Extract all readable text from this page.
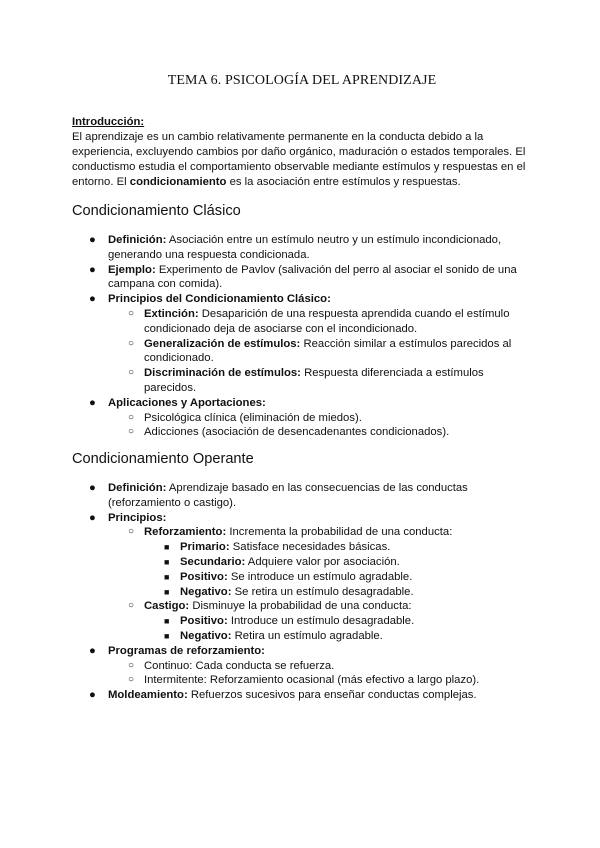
TEMA 6. PSICOLOGÍA DEL APRENDIZAJE
Introducción:
El aprendizaje es un cambio relativamente permanente en la conducta debido a la experiencia, excluyendo cambios por daño orgánico, maduración o estados temporales. El conductismo estudia el comportamiento observable mediante estímulos y respuestas en el entorno. El condicionamiento es la asociación entre estímulos y respuestas.
Condicionamiento Clásico
● Definición: Asociación entre un estímulo neutro y un estímulo incondicionado, generando una respuesta condicionada.
● Ejemplo: Experimento de Pavlov (salivación del perro al asociar el sonido de una campana con comida).
● Principios del Condicionamiento Clásico:
○ Extinción: Desaparición de una respuesta aprendida cuando el estímulo condicionado deja de asociarse con el incondicionado.
○ Generalización de estímulos: Reacción similar a estímulos parecidos al condicionado.
○ Discriminación de estímulos: Respuesta diferenciada a estímulos parecidos.
● Aplicaciones y Aportaciones:
○ Psicológica clínica (eliminación de miedos).
○ Adicciones (asociación de desencadenantes condicionados).
Condicionamiento Operante
● Definición: Aprendizaje basado en las consecuencias de las conductas (reforzamiento o castigo).
● Principios:
○ Reforzamiento: Incrementa la probabilidad de una conducta:
■ Primario: Satisface necesidades básicas.
■ Secundario: Adquiere valor por asociación.
■ Positivo: Se introduce un estímulo agradable.
■ Negativo: Se retira un estímulo desagradable.
○ Castigo: Disminuye la probabilidad de una conducta:
■ Positivo: Introduce un estímulo desagradable.
■ Negativo: Retira un estímulo agradable.
● Programas de reforzamiento:
○ Continuo: Cada conducta se refuerza.
○ Intermitente: Reforzamiento ocasional (más efectivo a largo plazo).
● Moldeamiento: Refuerzos sucesivos para enseñar conductas complejas.
